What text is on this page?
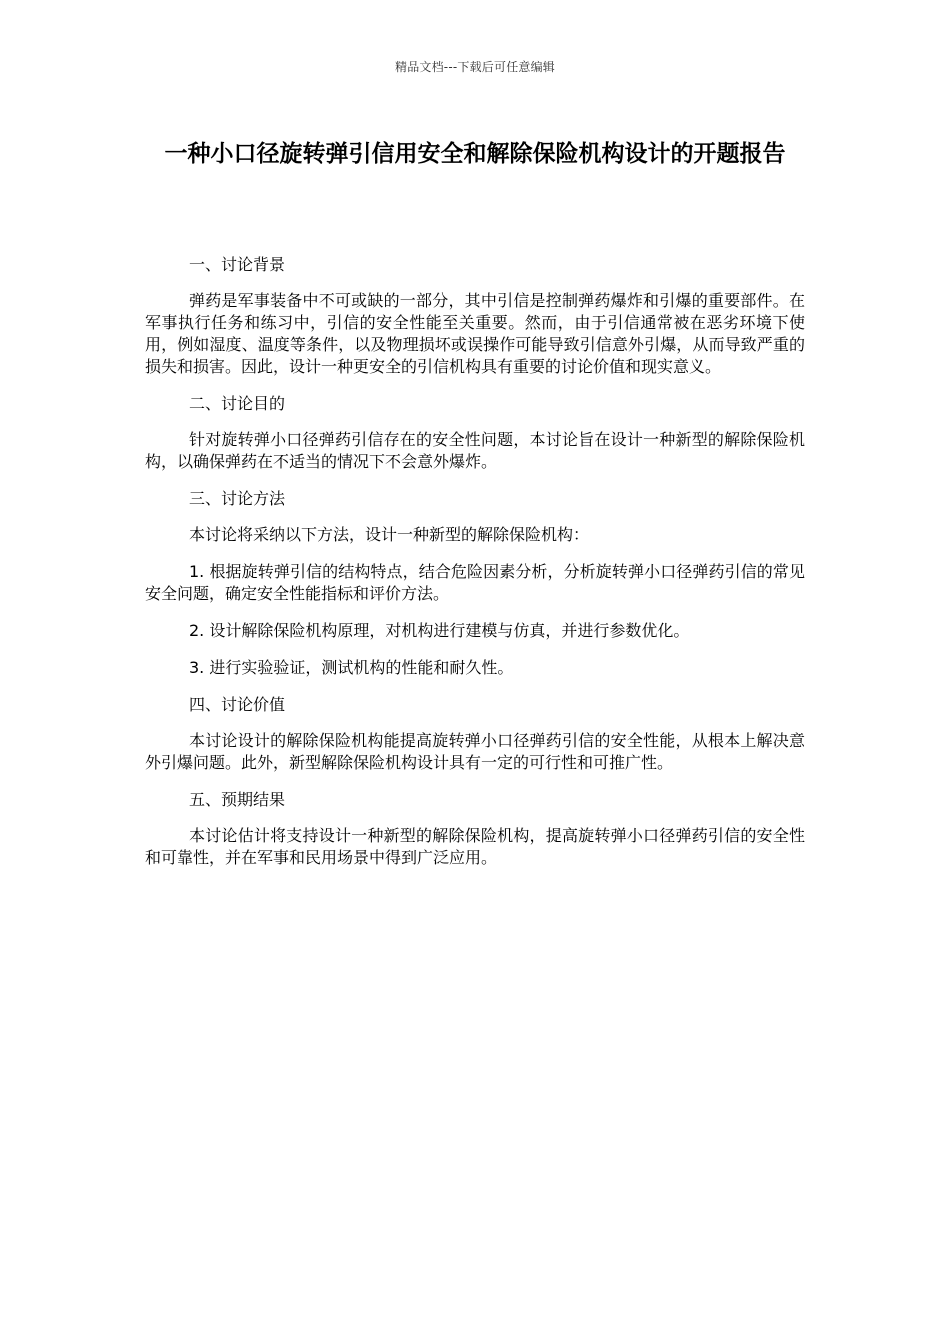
精品文档---下载后可任意编辑
一种小口径旋转弹引信用安全和解除保险机构设计的开题报告

一、讨论背景

弹药是军事装备中不可或缺的一部分，其中引信是控制弹药爆炸和引爆的重要部件。在军事执行任务和练习中，引信的安全性能至关重要。然而，由于引信通常被在恶劣环境下使用，例如湿度、温度等条件，以及物理损坏或误操作可能导致引信意外引爆，从而导致严重的损失和损害。因此，设计一种更安全的引信机构具有重要的讨论价值和现实意义。

二、讨论目的

针对旋转弹小口径弹药引信存在的安全性问题，本讨论旨在设计一种新型的解除保险机构，以确保弹药在不适当的情况下不会意外爆炸。

三、讨论方法

本讨论将采纳以下方法，设计一种新型的解除保险机构：

1. 根据旋转弹引信的结构特点，结合危险因素分析，分析旋转弹小口径弹药引信的常见安全问题，确定安全性能指标和评价方法。

2. 设计解除保险机构原理，对机构进行建模与仿真，并进行参数优化。

3. 进行实验验证，测试机构的性能和耐久性。

四、讨论价值

本讨论设计的解除保险机构能提高旋转弹小口径弹药引信的安全性能，从根本上解决意外引爆问题。此外，新型解除保险机构设计具有一定的可行性和可推广性。

五、预期结果

本讨论估计将支持设计一种新型的解除保险机构，提高旋转弹小口径弹药引信的安全性和可靠性，并在军事和民用场景中得到广泛应用。
